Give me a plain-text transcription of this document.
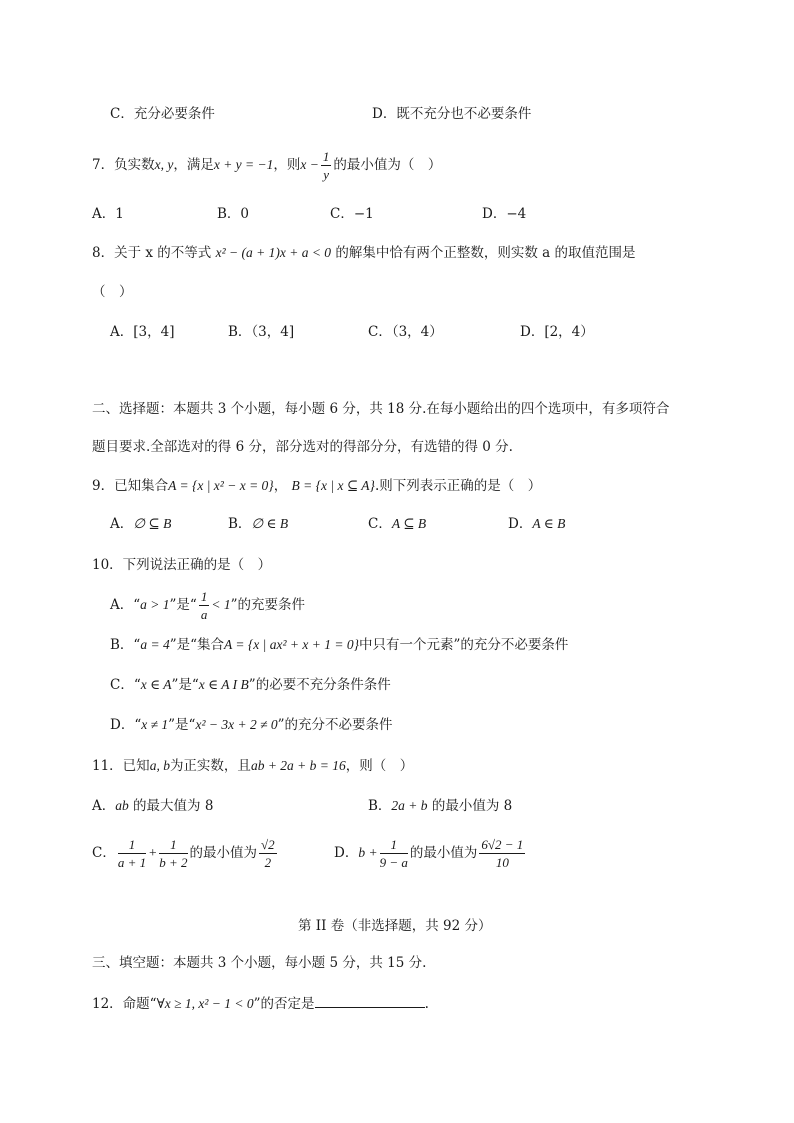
C．充分必要条件	D．既不充分也不必要条件
7．负实数x, y，满足x + y = −1，则$x - \frac{1}{y}$ 的最小值为（　）
A．1	B．0	C．−1	D．−4
8．关于 x 的不等式 x² − (a + 1)x + a < 0 的解集中恰有两个正整数，则实数 a 的取值范围是
（　）
A．[3，4]	B．（3，4]	C．（3，4）	D．[2，4）
二、选择题：本题共 3 个小题，每小题 6 分，共 18 分.在每小题给出的四个选项中，有多项符合
题目要求.全部选对的得 6 分，部分选对的得部分分，有选错的得 0 分.
9．已知集合A = {x | x² − x = 0}， B = {x | x ⊆ A}.则下列表示正确的是（　）
A．∅ ⊆ B	B．∅ ∈ B	C．A ⊆ B	D．A ∈ B
10．下列说法正确的是（　）
A．“a > 1”是“ $\frac{1}{a} < 1$”的充要条件
B．“a = 4”是“集合A = {x | ax² + x + 1 = 0}中只有一个元素”的充分不必要条件
C．“x ∈ A”是“x ∈ A I B”的必要不充分条件条件
D．“x ≠ 1”是“x² − 3x + 2 ≠ 0”的充分不必要条件
11．已知a, b为正实数，且ab + 2a + b = 16，则（　）
A．ab 的最大值为 8	B．2a + b 的最小值为 8
C． $\frac{1}{a + 1} + \frac{1}{b + 2}$ 的最小值为 $\frac{√2}{2}$	D．$b + \frac{1}{9 - a}$ 的最小值为 $\frac{6√2 - 1}{10}$
第 II 卷（非选择题，共 92 分）
三、填空题：本题共 3 个小题，每小题 5 分，共 15 分.
12．命题“∀x ≥ 1, x² − 1 < 0”的否定是	.
